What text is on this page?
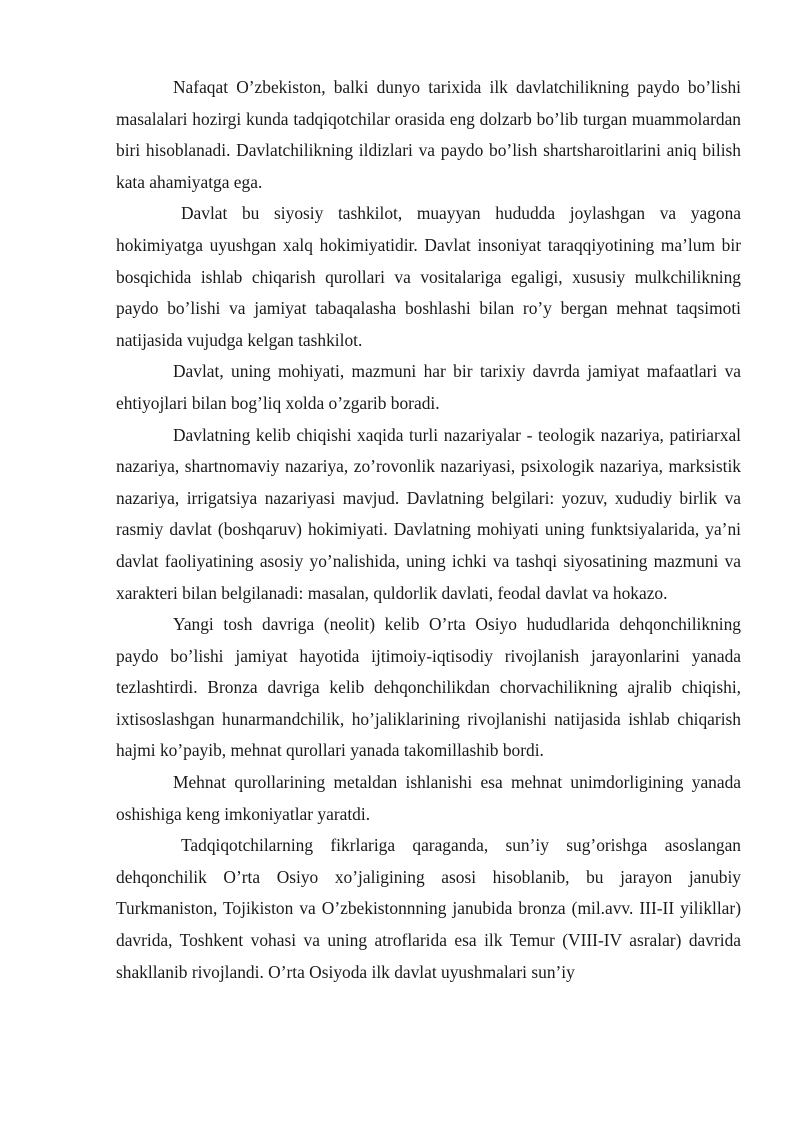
Nafaqat O’zbekiston, balki dunyo tarixida ilk davlatchilikning paydo bo’lishi masalalari hozirgi kunda tadqiqotchilar orasida eng dolzarb bo’lib turgan muammolardan biri hisoblanadi. Davlatchilikning ildizlari va paydo bo’lish shartsharoitlarini aniq bilish kata ahamiyatga ega.

Davlat bu siyosiy tashkilot, muayyan hududda joylashgan va yagona hokimiyatga uyushgan xalq hokimiyatidir. Davlat insoniyat taraqqiyotining ma’lum bir bosqichida ishlab chiqarish qurollari va vositalariga egaligi, xususiy mulkchilikning paydo bo’lishi va jamiyat tabaqalasha boshlashi bilan ro’y bergan mehnat taqsimoti natijasida vujudga kelgan tashkilot.

Davlat, uning mohiyati, mazmuni har bir tarixiy davrda jamiyat mafaatlari va ehtiyojlari bilan bog’liq xolda o’zgarib boradi.

Davlatning kelib chiqishi xaqida turli nazariyalar - teologik nazariya, patiriarxal nazariya, shartnomaviy nazariya, zo’rovonlik nazariyasi, psixologik nazariya, marksistik nazariya, irrigatsiya nazariyasi mavjud. Davlatning belgilari: yozuv, xududiy birlik va rasmiy davlat (boshqaruv) hokimiyati. Davlatning mohiyati uning funktsiyalarida, ya’ni davlat faoliyatining asosiy yo’nalishida, uning ichki va tashqi siyosatining mazmuni va xarakteri bilan belgilanadi: masalan, quldorlik davlati, feodal davlat va hokazo.

Yangi tosh davriga (neolit) kelib O’rta Osiyo hududlarida dehqonchilikning paydo bo’lishi jamiyat hayotida ijtimoiy-iqtisodiy rivojlanish jarayonlarini yanada tezlashtirdi. Bronza davriga kelib dehqonchilikdan chorvachilikning ajralib chiqishi, ixtisoslashgan hunarmandchilik, ho’jaliklarining rivojlanishi natijasida ishlab chiqarish hajmi ko’payib, mehnat qurollari yanada takomillashib bordi.

Mehnat qurollarining metaldan ishlanishi esa mehnat unimdorligining yanada oshishiga keng imkoniyatlar yaratdi.

Tadqiqotchilarning fikrlariga qaraganda, sun’iy sug’orishga asoslangan dehqonchilik O’rta Osiyo xo’jaligining asosi hisoblanib, bu jarayon janubiy Turkmaniston, Tojikiston va O’zbekistonnning janubida bronza (mil.avv. III-II yilikllar) davrida, Toshkent vohasi va uning atroflarida esa ilk Temur (VIII-IV asralar) davrida shakllanib rivojlandi. O’rta Osiyoda ilk davlat uyushmalari sun’iy
